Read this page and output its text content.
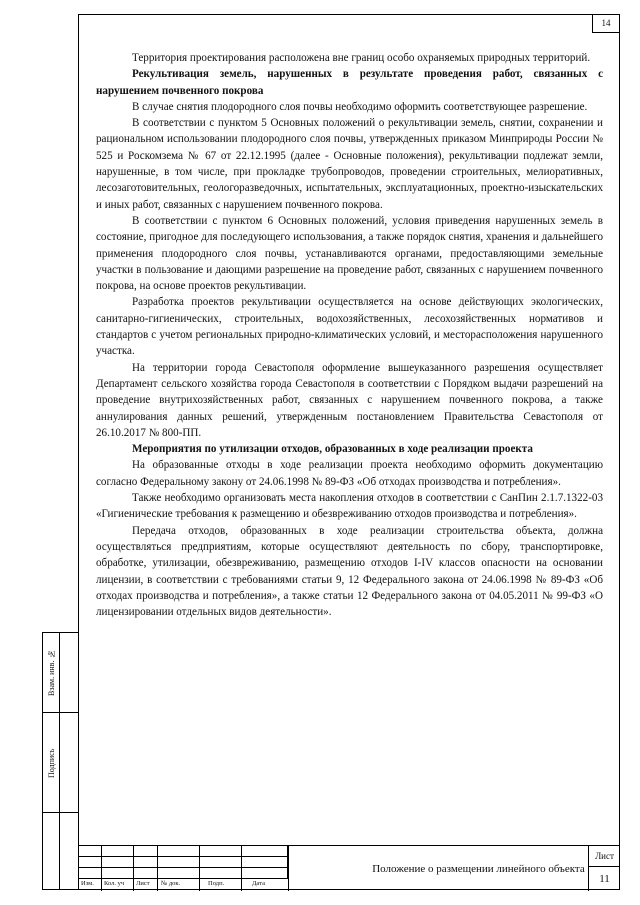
14
Взам. инв. №
Подпись

Территория проектирования расположена вне границ особо охраняемых природных территорий.

Рекультивация земель, нарушенных в результате проведения работ, связанных с нарушением почвенного покрова

В случае снятия плодородного слоя почвы необходимо оформить соответствующее разрешение.

В соответствии с пунктом 5 Основных положений о рекультивации земель, снятии, сохранении и рациональном использовании плодородного слоя почвы, утвержденных приказом Минприроды России № 525 и Роскомзема № 67 от 22.12.1995 (далее - Основные положения), рекультивации подлежат земли, нарушенные, в том числе, при прокладке трубопроводов, проведении строительных, мелиоративных, лесозаготовительных, геологоразведочных, испытательных, эксплуатационных, проектно-изыскательских и иных работ, связанных с нарушением почвенного покрова.

В соответствии с пунктом 6 Основных положений, условия приведения нарушенных земель в состояние, пригодное для последующего использования, а также порядок снятия, хранения и дальнейшего применения плодородного слоя почвы, устанавливаются органами, предоставляющими земельные участки в пользование и дающими разрешение на проведение работ, связанных с нарушением почвенного покрова, на основе проектов рекультивации.

Разработка проектов рекультивации осуществляется на основе действующих экологических, санитарно-гигиенических, строительных, водохозяйственных, лесохозяйственных нормативов и стандартов с учетом региональных природно-климатических условий, и месторасположения нарушенного участка.

На территории города Севастополя оформление вышеуказанного разрешения осуществляет Департамент сельского хозяйства города Севастополя в соответствии с Порядком выдачи разрешений на проведение внутрихозяйственных работ, связанных с нарушением почвенного покрова, а также аннулирования данных решений, утвержденным постановлением Правительства Севастополя от 26.10.2017 № 800-ПП.

Мероприятия по утилизации отходов, образованных в ходе реализации проекта

На образованные отходы в ходе реализации проекта необходимо оформить документацию согласно Федеральному закону от 24.06.1998 № 89-ФЗ «Об отходах производства и потребления».

Также необходимо организовать места накопления отходов в соответствии с СанПин 2.1.7.1322-03 «Гигиенические требования к размещению и обезвреживанию отходов производства и потребления».

Передача отходов, образованных в ходе реализации строительства объекта, должна осуществляться предприятиям, которые осуществляют деятельность по сбору, транспортировке, обработке, утилизации, обезвреживанию, размещению отходов I-IV классов опасности на основании лицензии, в соответствии с требованиями статьи 9, 12 Федерального закона от 24.06.1998 № 89-ФЗ «Об отходах производства и потребления», а также статьи 12 Федерального закона от 04.05.2011 № 99-ФЗ «О лицензировании отдельных видов деятельности».

Изм. Кол. уч Лист № док.	Подп.	Дата
Положение о размещении линейного объекта
Лист
11
